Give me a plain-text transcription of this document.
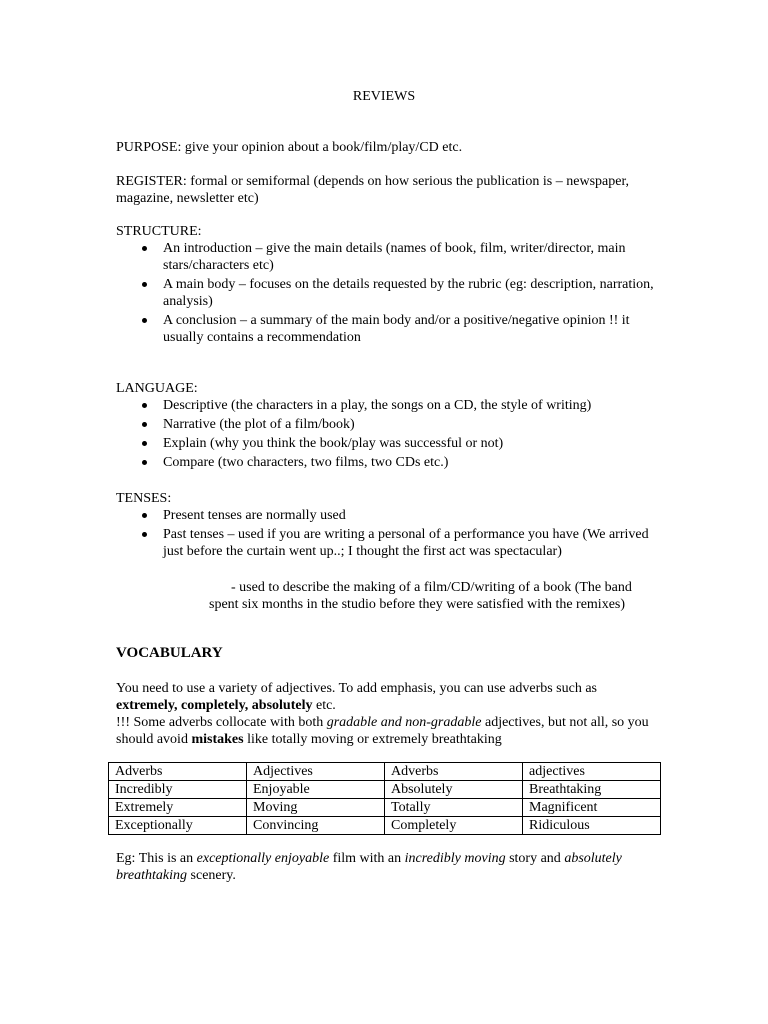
REVIEWS
PURPOSE: give your opinion about a book/film/play/CD etc.
REGISTER: formal or semiformal (depends on how serious the publication is – newspaper, magazine, newsletter etc)
STRUCTURE:
An introduction – give the main details (names of book, film, writer/director, main stars/characters etc)
A main body – focuses on the details requested by the rubric (eg: description, narration, analysis)
A conclusion – a summary of the main body and/or a positive/negative opinion !! it usually contains a recommendation
LANGUAGE:
Descriptive (the characters in a play, the songs on a CD, the style of writing)
Narrative (the plot of a film/book)
Explain (why you think the book/play was successful or not)
Compare (two characters, two films, two CDs etc.)
TENSES:
Present tenses are normally used
Past tenses – used if you are writing a personal of a performance you have (We arrived just before the curtain went up..; I thought the first act was spectacular)
- used to describe the making of a film/CD/writing of a book (The band spent six months in the studio before they were satisfied with the remixes)
VOCABULARY
You need to use a variety of adjectives. To add emphasis, you can use adverbs such as
extremely, completely, absolutely etc.
!!! Some adverbs collocate with both gradable and non-gradable adjectives, but not all, so you should avoid mistakes like totally moving or extremely breathtaking
Adverbs	Adjectives	Adverbs	adjectives
Incredibly	Enjoyable	Absolutely	Breathtaking
Extremely	Moving	Totally	Magnificent
Exceptionally	Convincing	Completely	Ridiculous
Eg: This is an exceptionally enjoyable film with an incredibly moving story and absolutely breathtaking scenery.
